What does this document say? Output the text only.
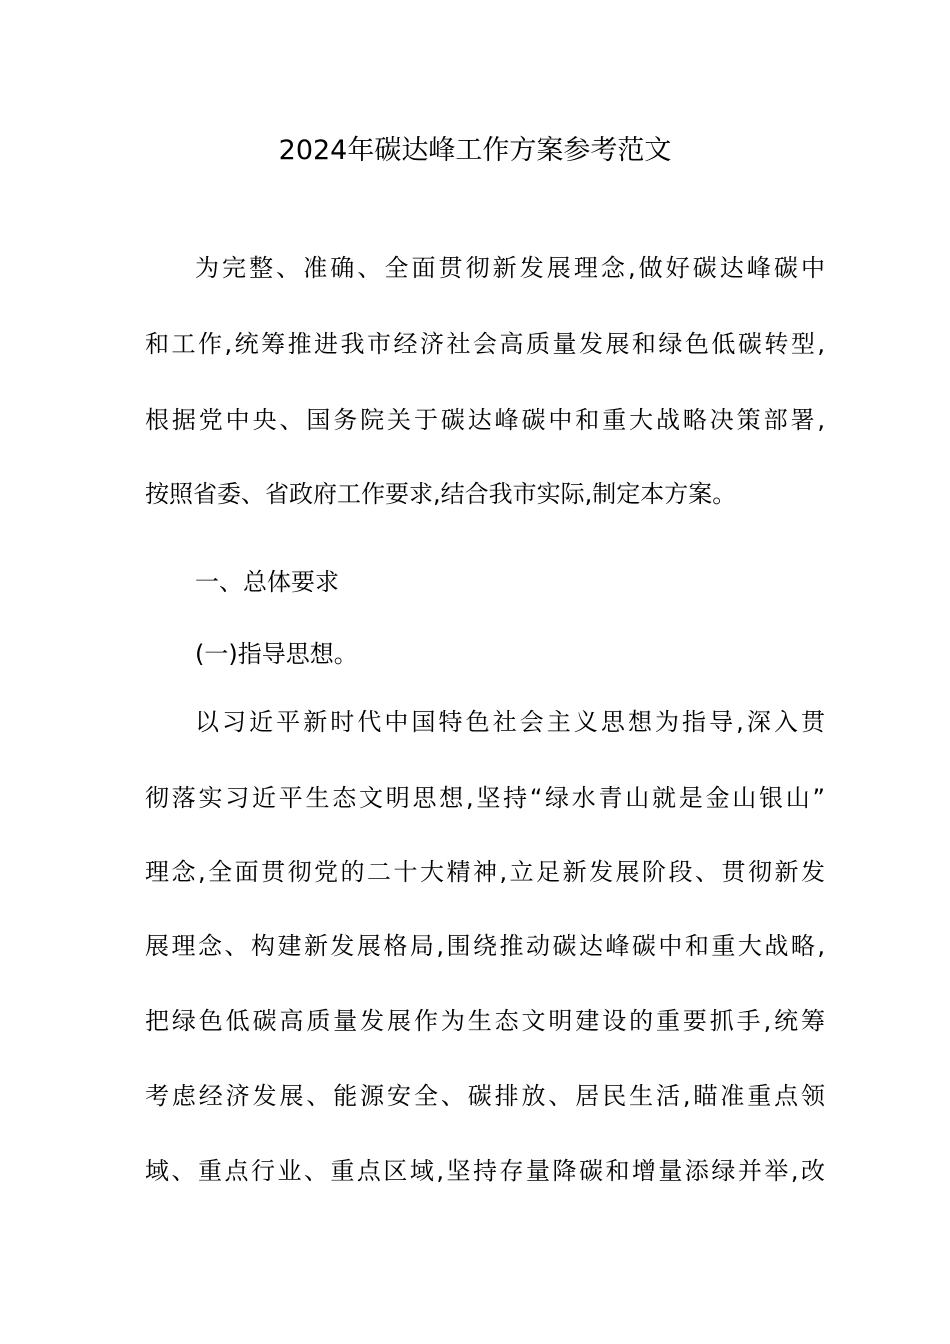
2024年碳达峰工作方案参考范文
为完整、准确、全面贯彻新发展理念,做好碳达峰碳中
和工作,统筹推进我市经济社会高质量发展和绿色低碳转型,
根据党中央、国务院关于碳达峰碳中和重大战略决策部署,
按照省委、省政府工作要求,结合我市实际,制定本方案。
一、总体要求
(一)指导思想。
以习近平新时代中国特色社会主义思想为指导,深入贯
彻落实习近平生态文明思想,坚持“绿水青山就是金山银山”
理念,全面贯彻党的二十大精神,立足新发展阶段、贯彻新发
展理念、构建新发展格局,围绕推动碳达峰碳中和重大战略,
把绿色低碳高质量发展作为生态文明建设的重要抓手,统筹
考虑经济发展、能源安全、碳排放、居民生活,瞄准重点领
域、重点行业、重点区域,坚持存量降碳和增量添绿并举,改
